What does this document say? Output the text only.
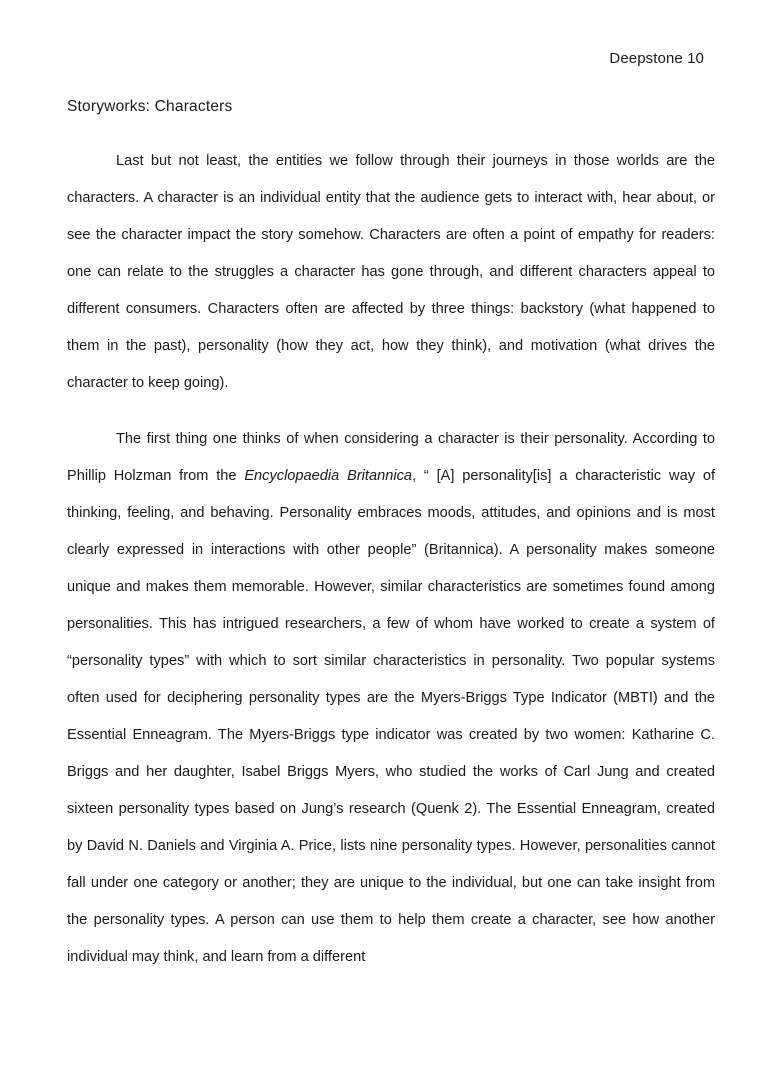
Deepstone 10
Storyworks: Characters

Last but not least, the entities we follow through their journeys in those worlds are the characters. A character is an individual entity that the audience gets to interact with, hear about, or see the character impact the story somehow. Characters are often a point of empathy for readers: one can relate to the struggles a character has gone through, and different characters appeal to different consumers. Characters often are affected by three things: backstory (what happened to them in the past), personality (how they act, how they think), and motivation (what drives the character to keep going).

The first thing one thinks of when considering a character is their personality. According to Phillip Holzman from the Encyclopaedia Britannica, “ [A] personality[is] a characteristic way of thinking, feeling, and behaving. Personality embraces moods, attitudes, and opinions and is most clearly expressed in interactions with other people” (Britannica). A personality makes someone unique and makes them memorable. However, similar characteristics are sometimes found among personalities. This has intrigued researchers, a few of whom have worked to create a system of “personality types” with which to sort similar characteristics in personality. Two popular systems often used for deciphering personality types are the Myers-Briggs Type Indicator (MBTI) and the Essential Enneagram. The Myers-Briggs type indicator was created by two women: Katharine C. Briggs and her daughter, Isabel Briggs Myers, who studied the works of Carl Jung and created sixteen personality types based on Jung’s research (Quenk 2). The Essential Enneagram, created by David N. Daniels and Virginia A. Price, lists nine personality types. However, personalities cannot fall under one category or another; they are unique to the individual, but one can take insight from the personality types. A person can use them to help them create a character, see how another individual may think, and learn from a different
